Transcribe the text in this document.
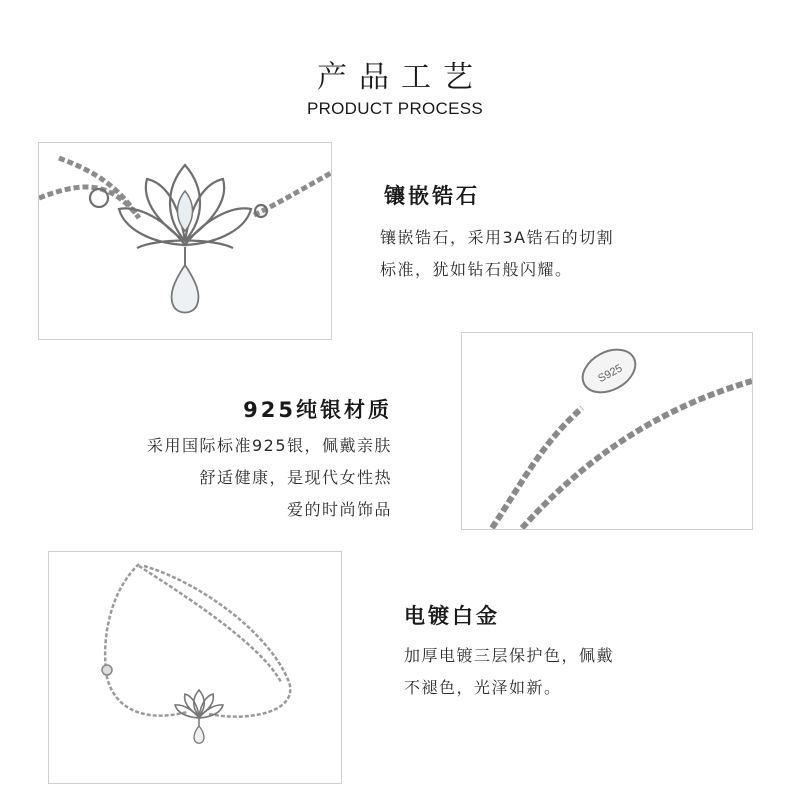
产品工艺
PRODUCT PROCESS
S925
镶嵌锆石
镶嵌锆石，采用3A锆石的切割
标准，犹如钻石般闪耀。
925纯银材质
采用国际标准925银，佩戴亲肤
舒适健康，是现代女性热
爱的时尚饰品
电镀白金
加厚电镀三层保护色，佩戴
不褪色，光泽如新。
